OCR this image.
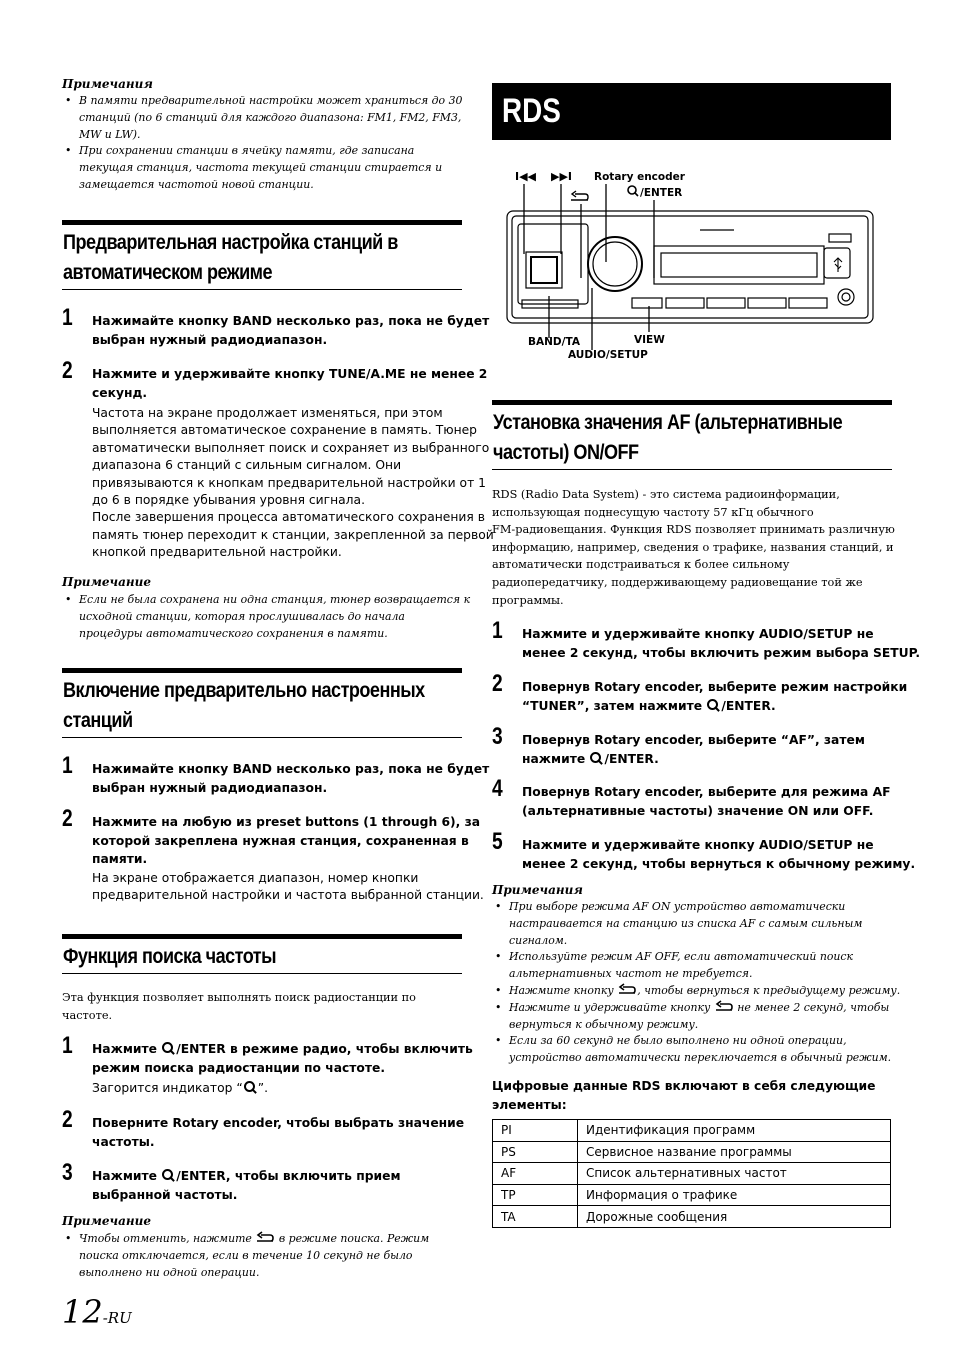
Примечания
• В памяти предварительной настройки может храниться до 30
станций (по 6 станций для каждого диапазона: FM1, FM2, FM3,
MW и LW).
• При сохранении станции в ячейку памяти, где записана
текущая станция, частота текущей станции стирается и
замещается частотой новой станции.
Предварительная настройка станций в
автоматическом режиме
1 Нажимайте кнопку BAND несколько раз, пока не будет
выбран нужный радиодиапазон.
2 Нажмите и удерживайте кнопку TUNE/A.ME не менее 2
секунд.
Частота на экране продолжает изменяться, при этом
выполняется автоматическое сохранение в память. Тюнер
автоматически выполняет поиск и сохраняет из выбранного
диапазона 6 станций с сильным сигналом. Они
привязываются к кнопкам предварительной настройки от 1
до 6 в порядке убывания уровня сигнала.
После завершения процесса автоматического сохранения в
память тюнер переходит к станции, закрепленной за первой
кнопкой предварительной настройки.
Примечание
• Если не была сохранена ни одна станция, тюнер возвращается к
исходной станции, которая прослушивалась до начала
процедуры автоматического сохранения в памяти.
Включение предварительно настроенных
станций
1 Нажимайте кнопку BAND несколько раз, пока не будет
выбран нужный радиодиапазон.
2 Нажмите на любую из preset buttons (1 through 6), за
которой закреплена нужная станция, сохраненная в
памяти.
На экране отображается диапазон, номер кнопки
предварительной настройки и частота выбранной станции.
Функция поиска частоты
Эта функция позволяет выполнять поиск радиостанции по
частоте.
1 Нажмите /ENTER в режиме радио, чтобы включить
режим поиска радиостанции по частоте.
Загорится индикатор “ ”.
2 Поверните Rotary encoder, чтобы выбрать значение
частоты.
3 Нажмите /ENTER, чтобы включить прием
выбранной частоты.
Примечание
• Чтобы отменить, нажмите в режиме поиска. Режим
поиска отключается, если в течение 10 секунд не было
выполнено ни одной операции.
12-RU
RDS
I◀◀ ▶▶I Rotary encoder
/ENTER
BAND/TA
AUDIO/SETUP
VIEW
Установка значения AF (альтернативные
частоты) ON/OFF
RDS (Radio Data System) - это система радиоинформации,
использующая поднесущую частоту 57 кГц обычного
FM-радиовещания. Функция RDS позволяет принимать различную
информацию, например, сведения о трафике, названия станций, и
автоматически подстраиваться к более сильному
радиопередатчику, поддерживающему радиовещание той же
программы.
1 Нажмите и удерживайте кнопку AUDIO/SETUP не
менее 2 секунд, чтобы включить режим выбора SETUP.
2 Повернув Rotary encoder, выберите режим настройки
“TUNER”, затем нажмите /ENTER.
3 Повернув Rotary encoder, выберите “AF”, затем
нажмите /ENTER.
4 Повернув Rotary encoder, выберите для режима AF
(альтернативные частоты) значение ON или OFF.
5 Нажмите и удерживайте кнопку AUDIO/SETUP не
менее 2 секунд, чтобы вернуться к обычному режиму.
Примечания
• При выборе режима AF ON устройство автоматически
настраивается на станцию из списка AF с самым сильным
сигналом.
• Используйте режим AF OFF, если автоматический поиск
альтернативных частот не требуется.
• Нажмите кнопку , чтобы вернуться к предыдущему режиму.
• Нажмите и удерживайте кнопку не менее 2 секунд, чтобы
вернуться к обычному режиму.
• Если за 60 секунд не было выполнено ни одной операции,
устройство автоматически переключается в обычный режим.
Цифровые данные RDS включают в себя следующие
элементы:
PI	Идентификация программ
PS	Сервисное название программы
AF	Список альтернативных частот
TP	Информация о трафике
TA	Дорожные сообщения
